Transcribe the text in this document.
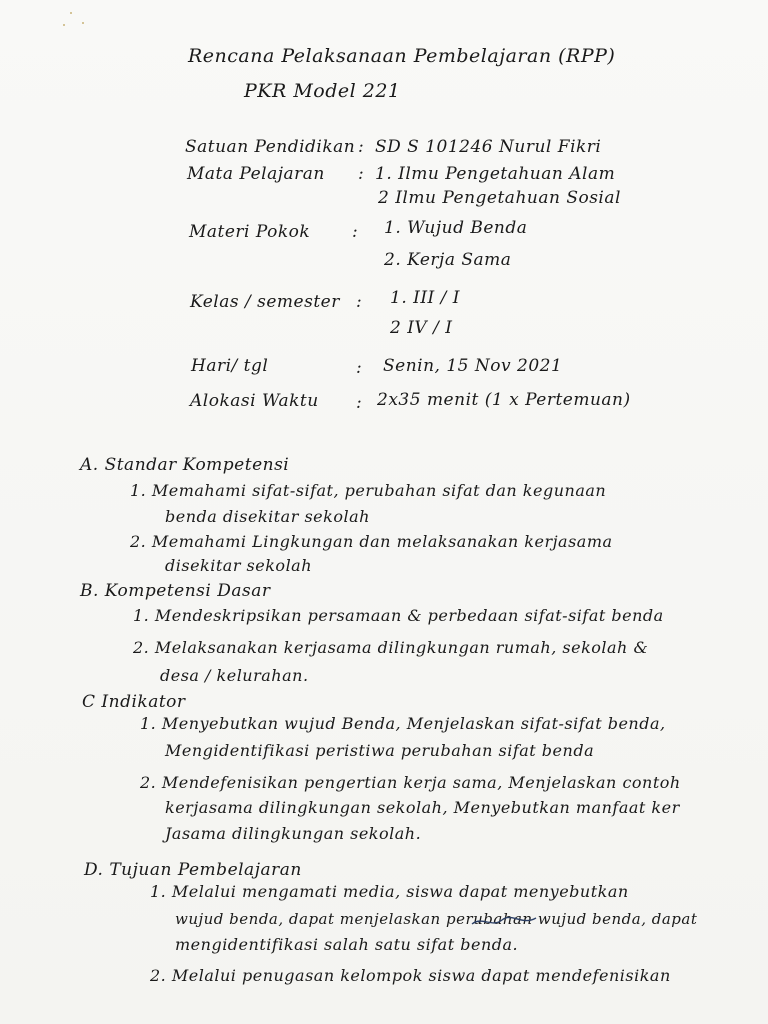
Rencana Pelaksanaan Pembelajaran (RPP)
PKR Model 221
Satuan Pendidikan : SD S 101246 Nurul Fikri
Mata Pelajaran : 1. Ilmu Pengetahuan Alam
2 Ilmu Pengetahuan Sosial
Materi Pokok : 1. Wujud Benda
2. Kerja Sama
Kelas / semester : 1. III / I
2 IV / I
Hari/ tgl	: Senin, 15 Nov 2021
Alokasi Waktu : 2x35 menit (1 x Pertemuan)
A. Standar Kompetensi
1. Memahami sifat-sifat, perubahan sifat dan kegunaan
benda disekitar sekolah
2. Memahami Lingkungan dan melaksanakan kerjasama
disekitar sekolah
B. Kompetensi Dasar
1. Mendeskripsikan persamaan & perbedaan sifat-sifat benda
2. Melaksanakan kerjasama dilingkungan rumah, sekolah &
desa / kelurahan.
C Indikator
1. Menyebutkan wujud Benda, Menjelaskan sifat-sifat benda,
Mengidentifikasi peristiwa perubahan sifat benda
2. Mendefenisikan pengertian kerja sama, Menjelaskan contoh
kerjasama dilingkungan sekolah, Menyebutkan manfaat ker
Jasama dilingkungan sekolah.
D. Tujuan Pembelajaran
1. Melalui mengamati media, siswa dapat menyebutkan
wujud benda, dapat menjelaskan perubahan wujud benda, dapat
mengidentifikasi salah satu sifat benda.
2. Melalui penugasan kelompok siswa dapat mendefenisikan
